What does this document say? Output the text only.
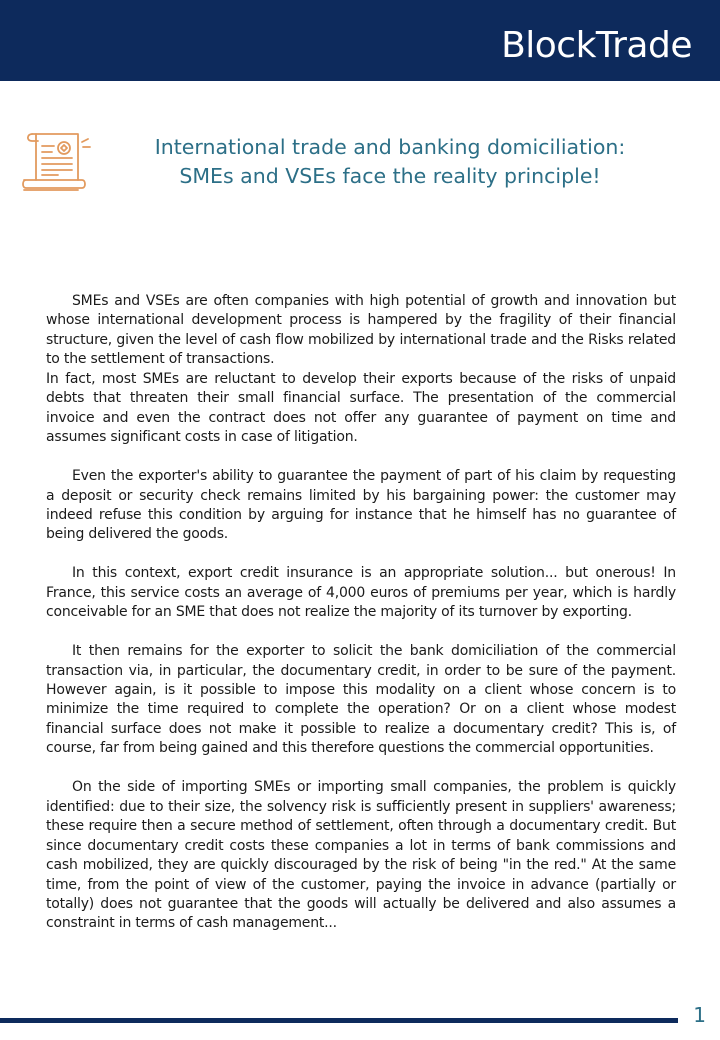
BlockTrade
International trade and banking domiciliation:
SMEs and VSEs face the reality principle!

SMEs and VSEs are often companies with high potential of growth and innovation but whose international development process is hampered by the fragility of their financial structure, given the level of cash flow mobilized by international trade and the Risks related to the settlement of transactions.

In fact, most SMEs are reluctant to develop their exports because of the risks of unpaid debts that threaten their small financial surface. The presentation of the commercial invoice and even the contract does not offer any guarantee of payment on time and assumes significant costs in case of litigation.

Even the exporter's ability to guarantee the payment of part of his claim by requesting a deposit or security check remains limited by his bargaining power: the customer may indeed refuse this condition by arguing for instance that he himself has no guarantee of being delivered the goods.

In this context, export credit insurance is an appropriate solution... but onerous! In France, this service costs an average of 4,000 euros of premiums per year, which is hardly conceivable for an SME that does not realize the majority of its turnover by exporting.

It then remains for the exporter to solicit the bank domiciliation of the commercial transaction via, in particular, the documentary credit, in order to be sure of the payment. However again, is it possible to impose this modality on a client whose concern is to minimize the time required to complete the operation? Or on a client whose modest financial surface does not make it possible to realize a documentary credit? This is, of course, far from being gained and this therefore questions the commercial opportunities.

On the side of importing SMEs or importing small companies, the problem is quickly identified: due to their size, the solvency risk is sufficiently present in suppliers' awareness; these require then a secure method of settlement, often through a documentary credit. But since documentary credit costs these companies a lot in terms of bank commissions and cash mobilized, they are quickly discouraged by the risk of being "in the red." At the same time, from the point of view of the customer, paying the invoice in advance (partially or totally) does not guarantee that the goods will actually be delivered and also assumes a constraint in terms of cash management...

1
